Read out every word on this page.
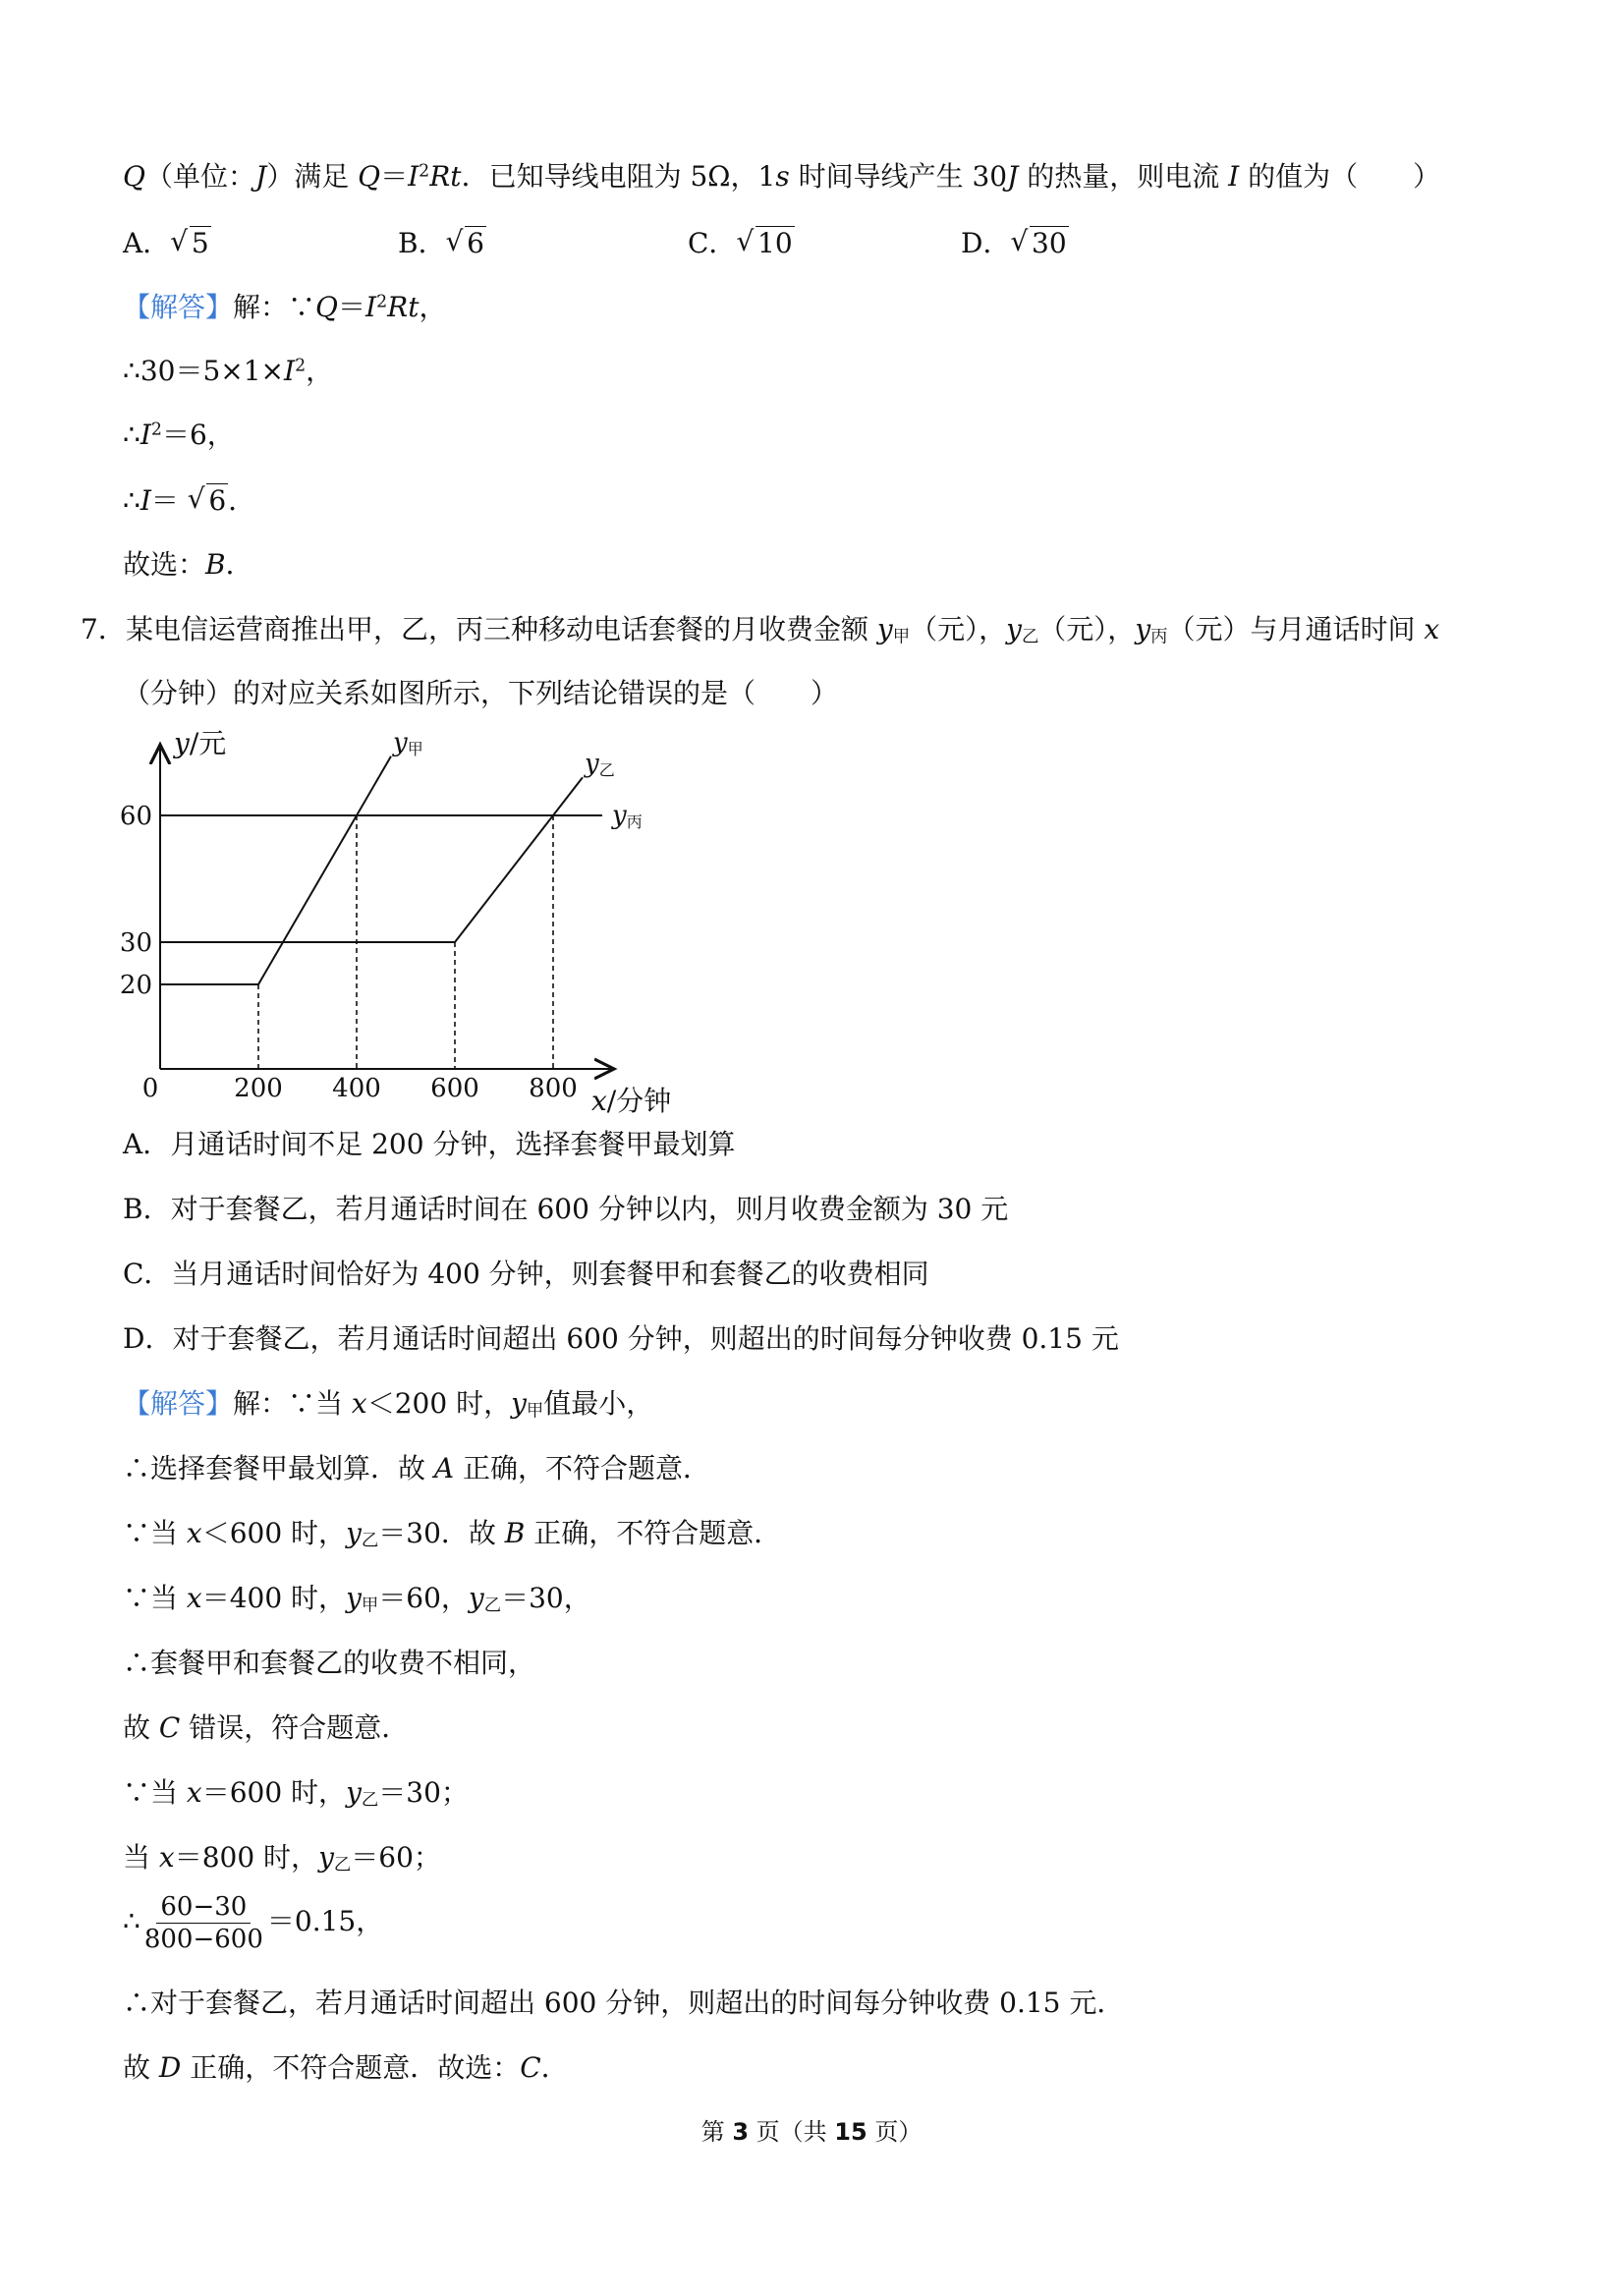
Q（单位：J）满足 $Q=I^2Rt$．已知导线电阻为 5Ω，1s 时间导线产生 30J 的热量，则电流 I 的值为（　　）
A． √ 5	B． √ 6	C． √ 10	D． √ 30
【解答】解：$\because Q=I^2Rt$，
$\therefore 30=5\times 1\times I^2$，
$\therefore I^2=6$，
∴I＝ √ 6．
故选：B．
7． 某电信运营商推出甲，乙，丙三种移动电话套餐的月收费金额 $y_甲$（元），$y_乙$（元），$y_丙$（元）与月通话时间 x
（分钟）的对应关系如图所示，下列结论错误的是（　　）
y/元
x/分钟
0	200 400 600 800
20
30
60
y甲	y乙
y丙
A．月通话时间不足 200 分钟，选择套餐甲最划算
B．对于套餐乙，若月通话时间在 600 分钟以内，则月收费金额为 30 元
C．当月通话时间恰好为 400 分钟，则套餐甲和套餐乙的收费相同
D．对于套餐乙，若月通话时间超出 600 分钟，则超出的时间每分钟收费 0.15 元
【解答】解：∵当 x＜200 时，$y_甲$值最小，
∴选择套餐甲最划算．故 A 正确，不符合题意．
∵当 x＜600 时，$y_乙=30$．故 B 正确，不符合题意．
∵当 x＝400 时，$y_甲=60$，$y_乙=30$，
∴套餐甲和套餐乙的收费不相同，
故 C 错误，符合题意．
∵当 x＝600 时，$y_乙=30$；
当 x＝800 时，$y_乙=60$；
∴ $\frac{60-30}{800-600} =0.15$，
∴对于套餐乙，若月通话时间超出 600 分钟，则超出的时间每分钟收费 0.15 元．
故 D 正确，不符合题意．故选：C．
第 3 页（共 15 页）
